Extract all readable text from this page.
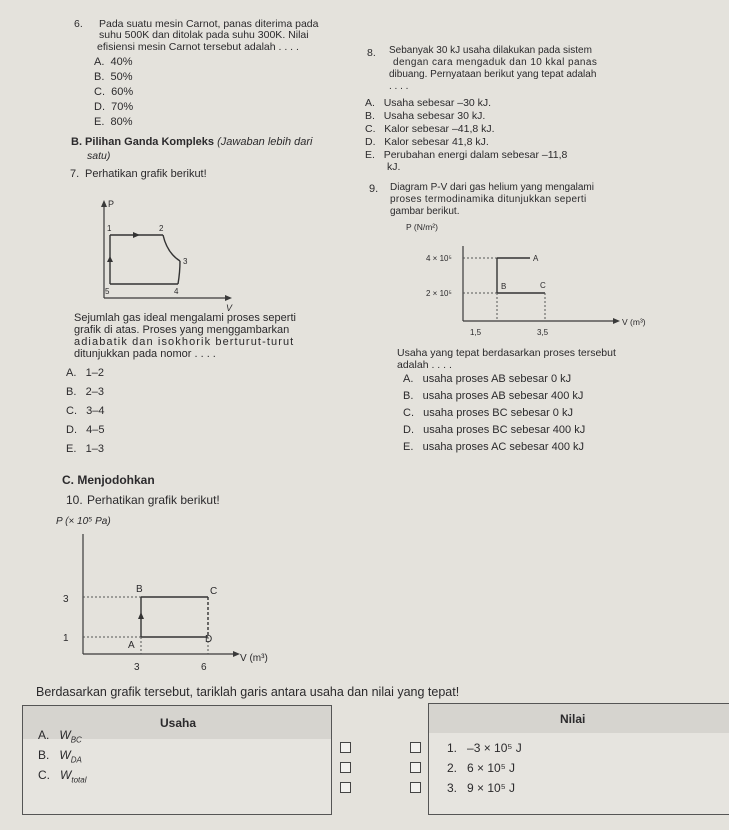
6. Pada suatu mesin Carnot, panas diterima pada
suhu 500K dan ditolak pada suhu 300K. Nilai
efisiensi mesin Carnot tersebut adalah . . . .
A. 40%
B. 50%
C. 60%
D. 70%
E. 80%
B. Pilihan Ganda Kompleks (Jawaban lebih dari
satu)
7. Perhatikan grafik berikut!
P
V
1	2
3
4
5
Sejumlah gas ideal mengalami proses seperti
grafik di atas. Proses yang menggambarkan
adiabatik dan isokhorik berturut-turut
ditunjukkan pada nomor . . . .
A. 1–2
B. 2–3
C. 3–4
D. 4–5
E. 1–3
8. Sebanyak 30 kJ usaha dilakukan pada sistem
dengan cara mengaduk dan 10 kkal panas
dibuang. Pernyataan berikut yang tepat adalah
. . . .
A. Usaha sebesar –30 kJ.
B. Usaha sebesar 30 kJ.
C. Kalor sebesar –41,8 kJ.
D. Kalor sebesar 41,8 kJ.
E. Perubahan energi dalam sebesar –11,8
kJ.
9. Diagram P-V dari gas helium yang mengalami
proses termodinamika ditunjukkan seperti
gambar berikut.
P (N/m²)
V (m³)
4 × 10⁵
2 × 10⁵
A
B	C
1,5	3,5
Usaha yang tepat berdasarkan proses tersebut
adalah . . . .
A. usaha proses AB sebesar 0 kJ
B. usaha proses AB sebesar 400 kJ
C. usaha proses BC sebesar 0 kJ
D. usaha proses BC sebesar 400 kJ
E. usaha proses AC sebesar 400 kJ
C. Menjodohkan
10. Perhatikan grafik berikut!
P (× 10⁵ Pa)
V (m³)
3
1
A
B	C
D
3	6
Berdasarkan grafik tersebut, tariklah garis antara usaha dan nilai yang tepat!
Usaha
A. $W_{BC}$
B. $W_{DA}$
C. $W_{total}$
Nilai
1. –3 × 10⁵ J
2. 6 × 10⁵ J
3. 9 × 10⁵ J
